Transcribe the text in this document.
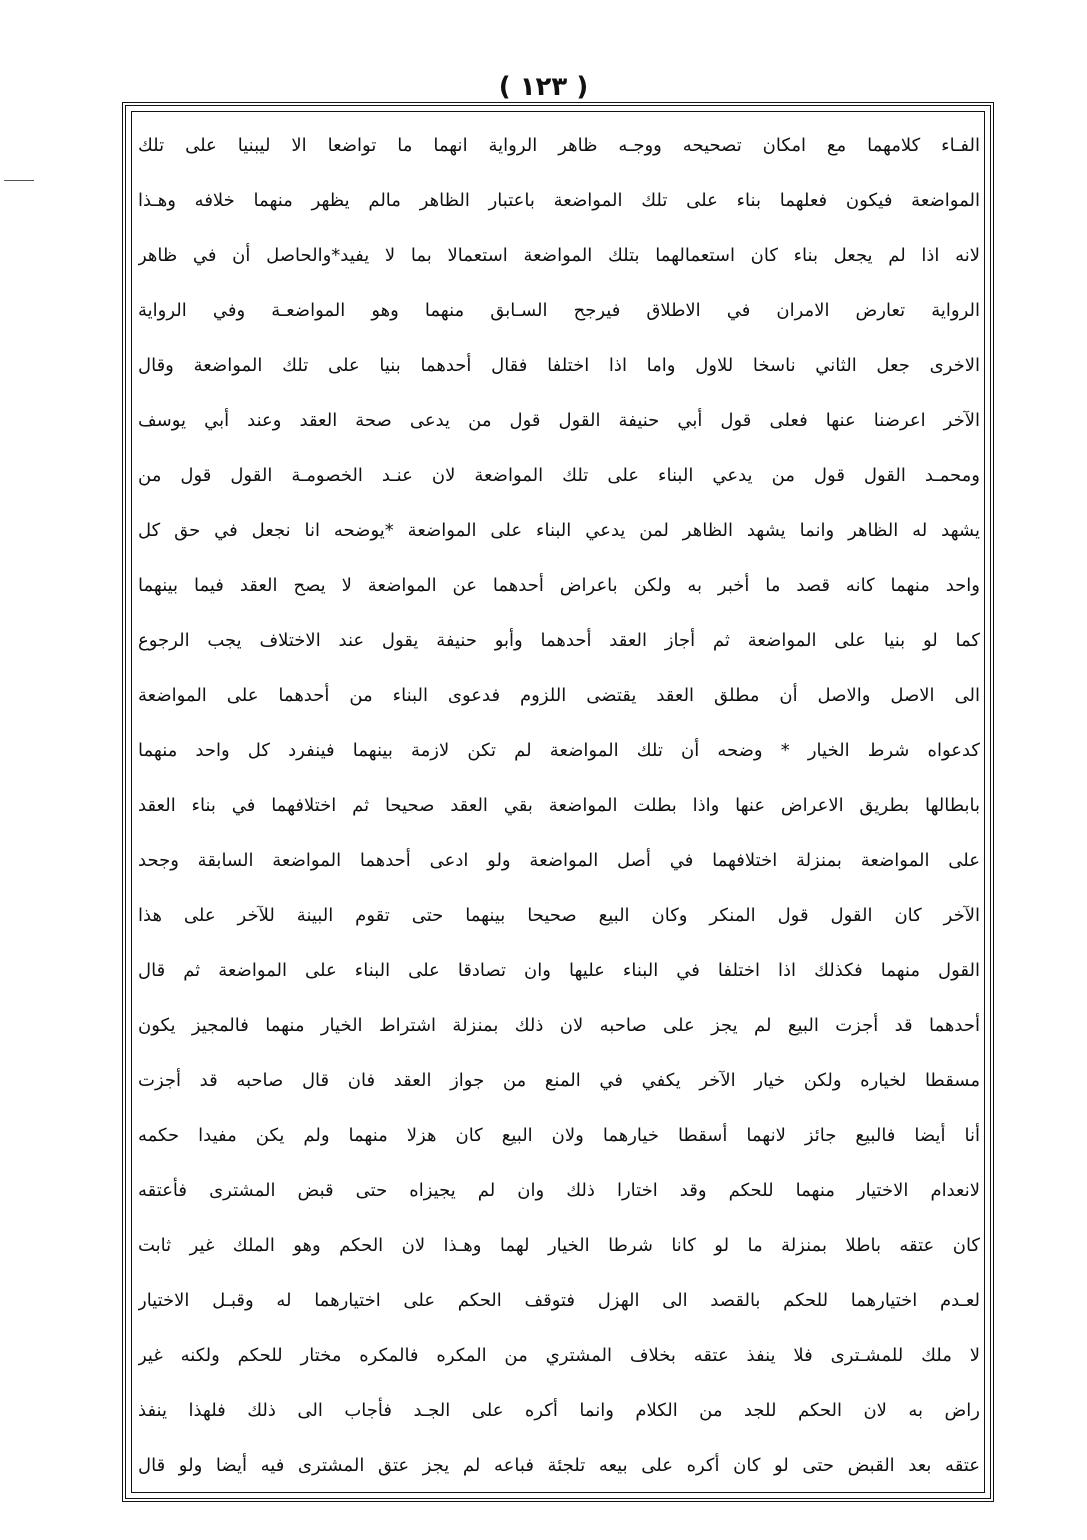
( ١٢٣ )
الفـاء كلامهما مع امكان تصحيحه ووجـه ظاهر الرواية انهما ما تواضعا الا ليبنيا على تلك
المواضعة فيكون فعلهما بناء على تلك المواضعة باعتبار الظاهر مالم يظهر منهما خلافه وهـذا
لانه اذا لم يجعل بناء كان استعمالهما بتلك المواضعة استعمالا بما لا يفيد*والحاصل أن في ظاهر
الرواية تعارض الامران في الاطلاق فيرجح السـابق منهما وهو المواضعـة وفي الرواية
الاخرى جعل الثاني ناسخا للاول واما اذا اختلفا فقال أحدهما بنيا على تلك المواضعة وقال
الآخر اعرضنا عنها فعلى قول أبي حنيفة القول قول من يدعى صحة العقد وعند أبي يوسف
ومحمـد القول قول من يدعي البناء على تلك المواضعة لان عنـد الخصومـة القول قول من
يشهد له الظاهر وانما يشهد الظاهر لمن يدعي البناء على المواضعة *يوضحه انا نجعل في حق كل
واحد منهما كانه قصد ما أخبر به ولكن باعراض أحدهما عن المواضعة لا يصح العقد فيما بينهما
كما لو بنيا على المواضعة ثم أجاز العقد أحدهما وأبو حنيفة يقول عند الاختلاف يجب الرجوع
الى الاصل والاصل أن مطلق العقد يقتضى اللزوم فدعوى البناء من أحدهما على المواضعة
كدعواه شرط الخيار * وضحه أن تلك المواضعة لم تكن لازمة بينهما فينفرد كل واحد منهما
بابطالها بطريق الاعراض عنها واذا بطلت المواضعة بقي العقد صحيحا ثم اختلافهما في بناء العقد
على المواضعة بمنزلة اختلافهما في أصل المواضعة ولو ادعى أحدهما المواضعة السابقة وجحد
الآخر كان القول قول المنكر وكان البيع صحيحا بينهما حتى تقوم البينة للآخر على هذا
القول منهما فكذلك اذا اختلفا في البناء عليها وان تصادقا على البناء على المواضعة ثم قال
أحدهما قد أجزت البيع لم يجز على صاحبه لان ذلك بمنزلة اشتراط الخيار منهما فالمجيز يكون
مسقطا لخياره ولكن خيار الآخر يكفي في المنع من جواز العقد فان قال صاحبه قد أجزت
أنا أيضا فالبيع جائز لانهما أسقطا خيارهما ولان البيع كان هزلا منهما ولم يكن مفيدا حكمه
لانعدام الاختيار منهما للحكم وقد اختارا ذلك وان لم يجيزاه حتى قبض المشترى فأعتقه
كان عتقه باطلا بمنزلة ما لو كانا شرطا الخيار لهما وهـذا لان الحكم وهو الملك غير ثابت
لعـدم اختيارهما للحكم بالقصد الى الهزل فتوقف الحكم على اختيارهما له وقبـل الاختيار
لا ملك للمشـترى فلا ينفذ عتقه بخلاف المشتري من المكره فالمكره مختار للحكم ولكنه غير
راض به لان الحكم للجد من الكلام وانما أكره على الجـد فأجاب الى ذلك فلهذا ينفذ
عتقه بعد القبض حتى لو كان أكره على بيعه تلجئة فباعه لم يجز عتق المشترى فيه أيضا ولو قال
